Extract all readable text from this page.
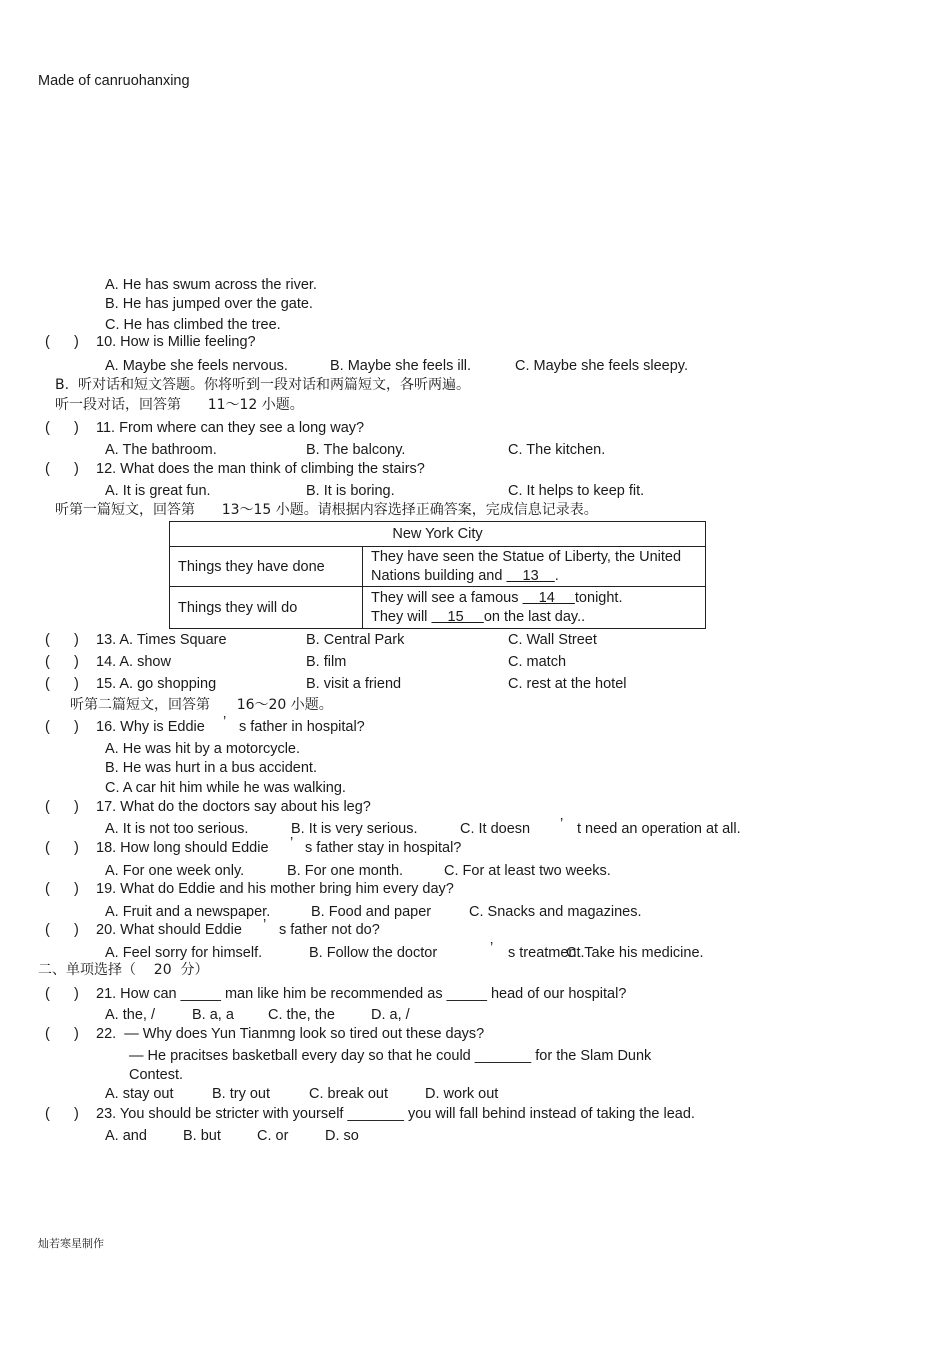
Made of canruohanxing
A. He has swum across the river.
B. He has jumped over the gate.
C. He has climbed the tree.
(      ) 10. How is Millie feeling?
A. Maybe she feels nervous.	B. Maybe she feels ill.	C. Maybe she feels sleepy.
B.  听对话和短文答题。你将听到一段对话和两篇短文，各听两遍。
听一段对话，回答第      11～12 小题。
(      ) 11. From where can they see a long way?
A. The bathroom.	B. The balcony.	C. The kitchen.
(      ) 12. What does the man think of climbing the stairs?
A. It is great fun.	B. It is boring.	C. It helps to keep fit.
听第一篇短文，回答第      13～15 小题。请根据内容选择正确答案，完成信息记录表。
New York City	
Things they have done	They have seen the Statue of Liberty, the United
Nations building and     13    .

Things they will do	They will see a famous     14     tonight.
They will     15     on the last day..
(      ) 13. A. Times Square	B. Central Park	C. Wall Street
(      ) 14. A. show	B. film	C. match
(      ) 15. A. go shopping	B. visit a friend	C. rest at the hotel
听第二篇短文，回答第      16～20 小题。
(      ) 16. Why is Eddie ’ s father in hospital?
A. He was hit by a motorcycle.
B. He was hurt in a bus accident.
C. A car hit him while he was walking.
(      ) 17. What do the doctors say about his leg?
A. It is not too serious.	B. It is very serious.	C. It doesn ’ t need an operation at all.
(      ) 18. How long should Eddie ’ s father stay in hospital?
A. For one week only.	B. For one month.	C. For at least two weeks.
(      ) 19. What do Eddie and his mother bring him every day?
A. Fruit and a newspaper.	B. Food and paper	C. Snacks and magazines.
(      ) 20. What should Eddie ’ s father not do?
A. Feel sorry for himself.	B. Follow the doctor	’ s treatment.
C. Take his medicine.
二、单项选择（    20  分）
(      ) 21. How can _____ man like him be recommended as _____ head of our hospital?
A. the, /	B. a, a C. the, the D. a, /
(      ) 22.  — Why does Yun Tianmng look so tired out these days?
— He pracitses basketball every day so that he could _______ for the Slam Dunk
Contest.
A. stay out	B. try out	C. break out	D. work out
(      ) 23. You should be stricter with yourself _______ you will fall behind instead of taking the lead.
A. and B. but C. or	D. so
灿若寒星制作
